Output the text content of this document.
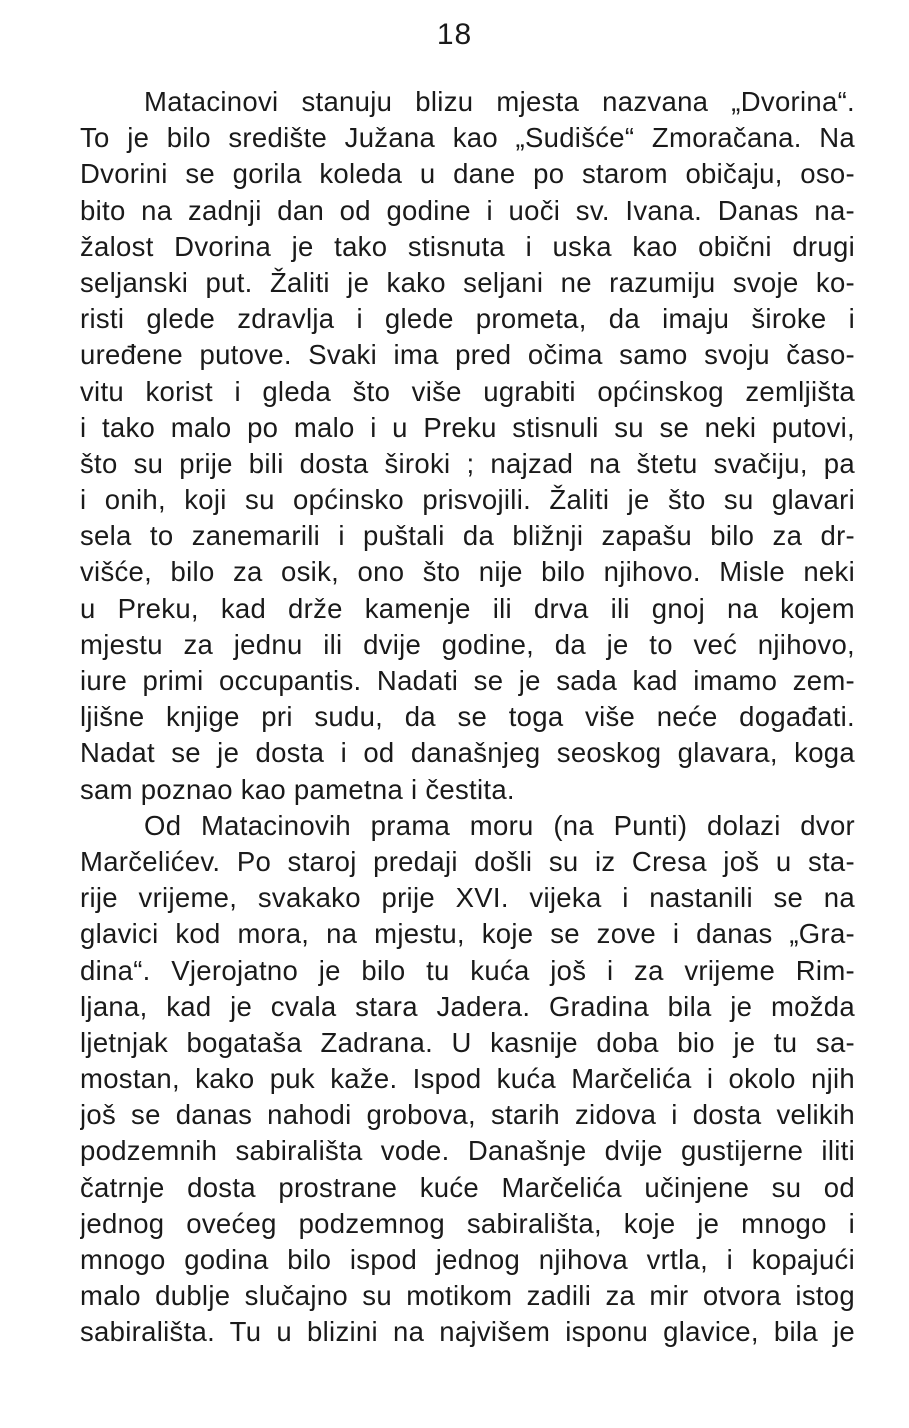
18
Matacinovi stanuju blizu mjesta nazvana „Dvorina“.
To je bilo središte Južana kao „Sudišće“ Zmoračana. Na
Dvorini se gorila koleda u dane po starom običaju, oso-
bito na zadnji dan od godine i uoči sv. Ivana. Danas na-
žalost Dvorina je tako stisnuta i uska kao obični drugi
seljanski put. Žaliti je kako seljani ne razumiju svoje ko-
risti glede zdravlja i glede prometa, da imaju široke i
uređene putove. Svaki ima pred očima samo svoju časo-
vitu korist i gleda što više ugrabiti općinskog zemljišta
i tako malo po malo i u Preku stisnuli su se neki putovi,
što su prije bili dosta široki ; najzad na štetu svačiju, pa
i onih, koji su općinsko prisvojili. Žaliti je što su glavari
sela to zanemarili i puštali da bližnji zapašu bilo za dr-
višće, bilo za osik, ono što nije bilo njihovo. Misle neki
u Preku, kad drže kamenje ili drva ili gnoj na kojem
mjestu za jednu ili dvije godine, da je to već njihovo,
iure primi occupantis. Nadati se je sada kad imamo zem-
ljišne knjige pri sudu, da se toga više neće događati.
Nadat se je dosta i od današnjeg seoskog glavara, koga
sam poznao kao pametna i čestita.
Od Matacinovih prama moru (na Punti) dolazi dvor
Marčelićev. Po staroj predaji došli su iz Cresa još u sta-
rije vrijeme, svakako prije XVI. vijeka i nastanili se na
glavici kod mora, na mjestu, koje se zove i danas „Gra-
dina“. Vjerojatno je bilo tu kuća još i za vrijeme Rim-
ljana, kad je cvala stara Jadera. Gradina bila je možda
ljetnjak bogataša Zadrana. U kasnije doba bio je tu sa-
mostan, kako puk kaže. Ispod kuća Marčelića i okolo njih
još se danas nahodi grobova, starih zidova i dosta velikih
podzemnih sabirališta vode. Današnje dvije gustijerne iliti
čatrnje dosta prostrane kuće Marčelića učinjene su od
jednog ovećeg podzemnog sabirališta, koje je mnogo i
mnogo godina bilo ispod jednog njihova vrtla, i kopajući
malo dublje slučajno su motikom zadili za mir otvora istog
sabirališta. Tu u blizini na najvišem isponu glavice, bila je
